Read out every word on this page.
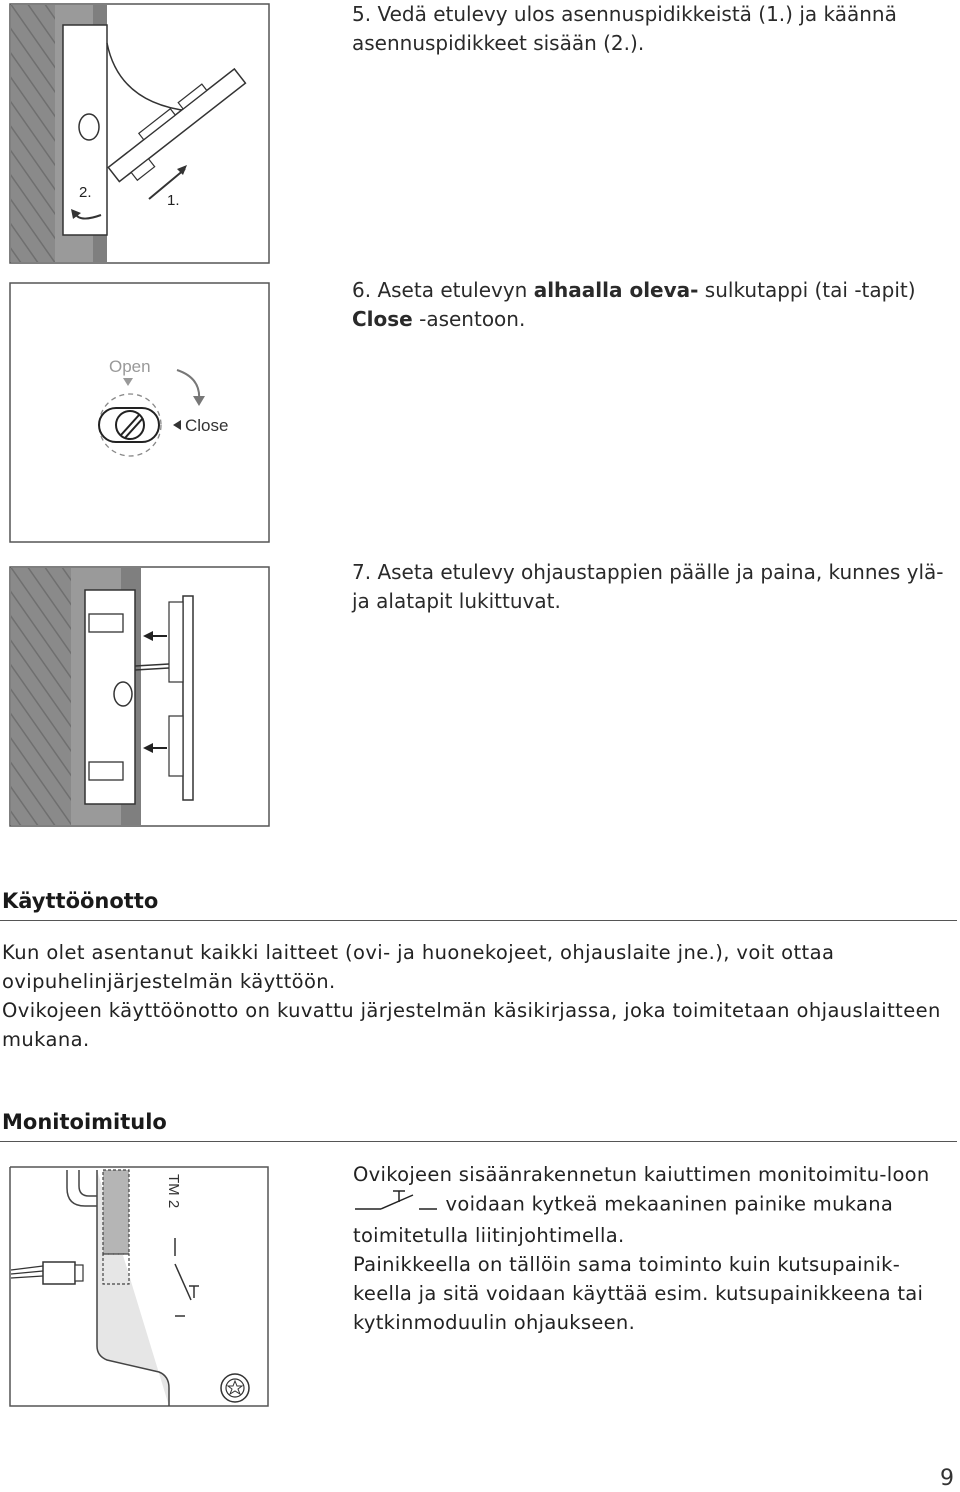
2.	1.
5. Vedä etulevy ulos asennuspidikkeistä (1.) ja käännä asennuspidikkeet sisään (2.).
Open
Close
6. Aseta etulevyn alhaalla oleva- sulkutappi (tai -tapit) Close -asentoon.
7. Aseta etulevy ohjaustappien päälle ja paina, kunnes ylä- ja alatapit lukittuvat.
Käyttöönotto
Kun olet asentanut kaikki laitteet (ovi- ja huonekojeet, ohjauslaite jne.), voit ottaa ovipuhelinjärjestelmän käyttöön.
Ovikojeen käyttöönotto on kuvattu järjestelmän käsikirjassa, joka toimitetaan ohjauslaitteen mukana.
Monitoimitulo
TM 2	Ovikojeen sisäänrakennetun kaiuttimen monitoimitu-loon  voidaan kytkeä mekaaninen painike mukana toimitetulla liitinjohtimella.
Painikkeella on tällöin sama toiminto kuin kutsupainik-keella ja sitä voidaan käyttää esim. kutsupainikkeena tai kytkinmoduulin ohjaukseen.
9
